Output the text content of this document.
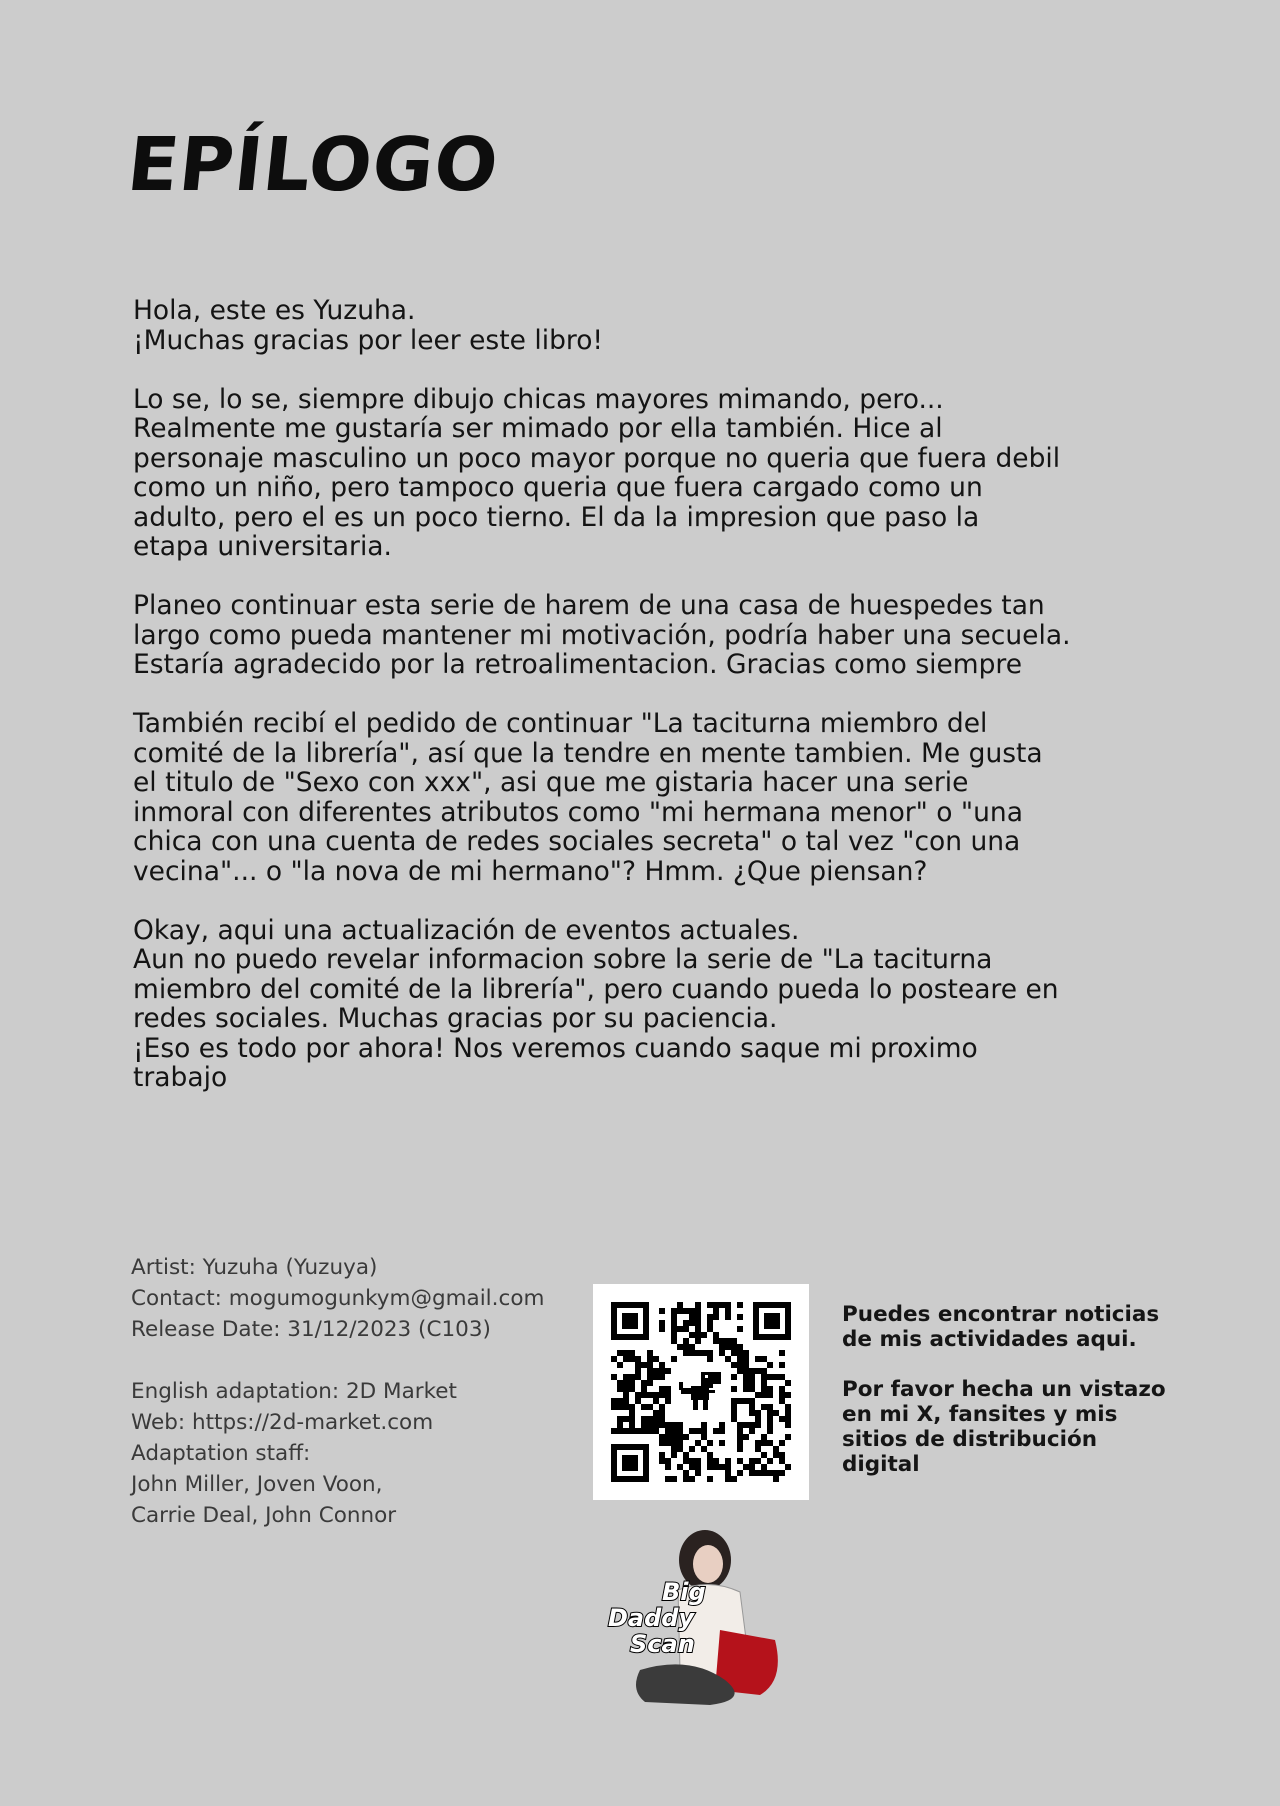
EPÍLOGO

Hola, este es Yuzuha.
¡Muchas gracias por leer este libro!

Lo se, lo se, siempre dibujo chicas mayores mimando, pero...
Realmente me gustaría ser mimado por ella también. Hice al
personaje masculino un poco mayor porque no queria que fuera debil
como un niño, pero tampoco queria que fuera cargado como un
adulto, pero el es un poco tierno. El da la impresion que paso la
etapa universitaria.

Planeo continuar esta serie de harem de una casa de huespedes tan
largo como pueda mantener mi motivación, podría haber una secuela.
Estaría agradecido por la retroalimentacion. Gracias como siempre

También recibí el pedido de continuar "La taciturna miembro del
comité de la librería", así que la tendre en mente tambien. Me gusta
el titulo de "Sexo con xxx", asi que me gistaria hacer una serie
inmoral con diferentes atributos como "mi hermana menor" o "una
chica con una cuenta de redes sociales secreta" o tal vez "con una
vecina"... o "la nova de mi hermano"? Hmm. ¿Que piensan?

Okay, aqui una actualización de eventos actuales.
Aun no puedo revelar informacion sobre la serie de "La taciturna
miembro del comité de la librería", pero cuando pueda lo posteare en
redes sociales. Muchas gracias por su paciencia.
¡Eso es todo por ahora! Nos veremos cuando saque mi proximo
trabajo

Artist: Yuzuha (Yuzuya)
Contact: mogumogunkym@gmail.com
Release Date: 31/12/2023 (C103)
English adaptation: 2D Market
Web: https://2d-market.com
Adaptation staff:
John Miller, Joven Voon,
Carrie Deal, John Connor

Puedes encontrar noticias de mis actividades aqui.

Por favor hecha un vistazo en mi X, fansites y mis sitios de distribución digital

Big
Daddy
Scan
